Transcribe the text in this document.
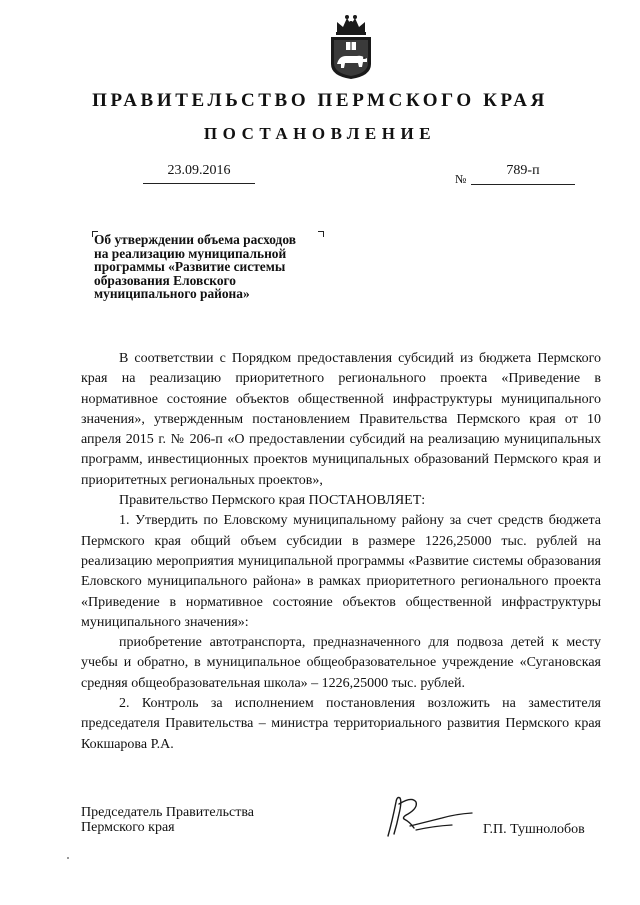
ПРАВИТЕЛЬСТВО ПЕРМСКОГО КРАЯ
ПОСТАНОВЛЕНИЕ
23.09.2016
№
789-п
Об утверждении объема расходов
на реализацию муниципальной
программы «Развитие системы
образования Еловского
муниципального района»

В соответствии с Порядком предоставления субсидий из бюджета Пермского края на реализацию приоритетного регионального проекта «Приведение в нормативное состояние объектов общественной инфраструктуры муниципального значения», утвержденным постановлением Правительства Пермского края от 10 апреля 2015 г. № 206-п «О предоставлении субсидий на реализацию муниципальных программ, инвестиционных проектов муниципальных образований Пермского края и приоритетных региональных проектов»,

Правительство Пермского края ПОСТАНОВЛЯЕТ:

1. Утвердить по Еловскому муниципальному району за счет средств бюджета Пермского края общий объем субсидии в размере 1226,25000 тыс. рублей на реализацию мероприятия муниципальной программы «Развитие системы образования Еловского муниципального района» в рамках приоритетного регионального проекта «Приведение в нормативное состояние объектов общественной инфраструктуры муниципального значения»:

приобретение автотранспорта, предназначенного для подвоза детей к месту учебы и обратно, в муниципальное общеобразовательное учреждение «Сугановская средняя общеобразовательная школа» – 1226,25000 тыс. рублей.

2. Контроль за исполнением постановления возложить на заместителя председателя Правительства – министра территориального развития Пермского края Кокшарова Р.А.

Председатель Правительства
Пермского края	Г.П. Тушнолобов
